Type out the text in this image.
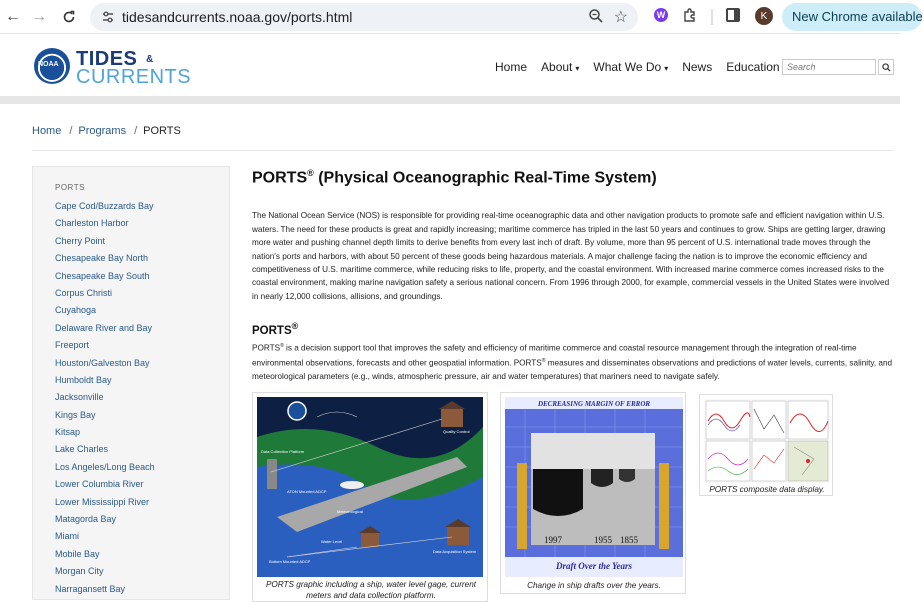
← →	tidesandcurrents.noaa.gov/ports.html	☆	W	K	New Chrome available
NOAA TIDES &
CURRENTS	Home About ▾ What We Do ▾ News Education
Search
Home / Programs / PORTS
PORTS
Cape Cod/Buzzards Bay
Charleston Harbor
Cherry Point
Chesapeake Bay North
Chesapeake Bay South
Corpus Christi
Cuyahoga
Delaware River and Bay
Freeport
Houston/Galveston Bay
Humboldt Bay
Jacksonville
Kings Bay
Kitsap
Lake Charles
Los Angeles/Long Beach
Lower Columbia River
Lower Mississippi River
Matagorda Bay
Miami
Mobile Bay
Morgan City
Narragansett Bay
PORTS® (Physical Oceanographic Real-Time System)

The National Ocean Service (NOS) is responsible for providing real-time oceanographic data and other navigation products to promote safe and efficient navigation within U.S. waters. The need for these products is great and rapidly increasing; maritime commerce has tripled in the last 50 years and continues to grow. Ships are getting larger, drawing more water and pushing channel depth limits to derive benefits from every last inch of draft. By volume, more than 95 percent of U.S. international trade moves through the nation's ports and harbors, with about 50 percent of these goods being hazardous materials. A major challenge facing the nation is to improve the economic efficiency and competitiveness of U.S. maritime commerce, while reducing risks to life, property, and the coastal environment. With increased marine commerce comes increased risks to the coastal environment, making marine navigation safety a serious national concern. From 1996 through 2000, for example, commercial vessels in the United States were involved in nearly 12,000 collisions, allisions, and groundings.

PORTS®

PORTS® is a decision support tool that improves the safety and efficiency of maritime commerce and coastal resource management through the integration of real-time environmental observations, forecasts and other geospatial information. PORTS® measures and disseminates observations and predictions of water levels, currents, salinity, and meteorological parameters (e.g., winds, atmospheric pressure, air and water temperatures) that mariners need to navigate safely.

Quality Control
Data Collection Platform
ATON Mounted ADCP
Meteorological
Water Level
Bottom Mounted ADCP
Data Acquisition System
PORTS graphic including a ship, water level gage, current meters and data collection platform.
DECREASING MARGIN OF ERROR
1997	1955 1855
Draft Over the Years
Change in ship drafts over the years.
PORTS composite data display.
